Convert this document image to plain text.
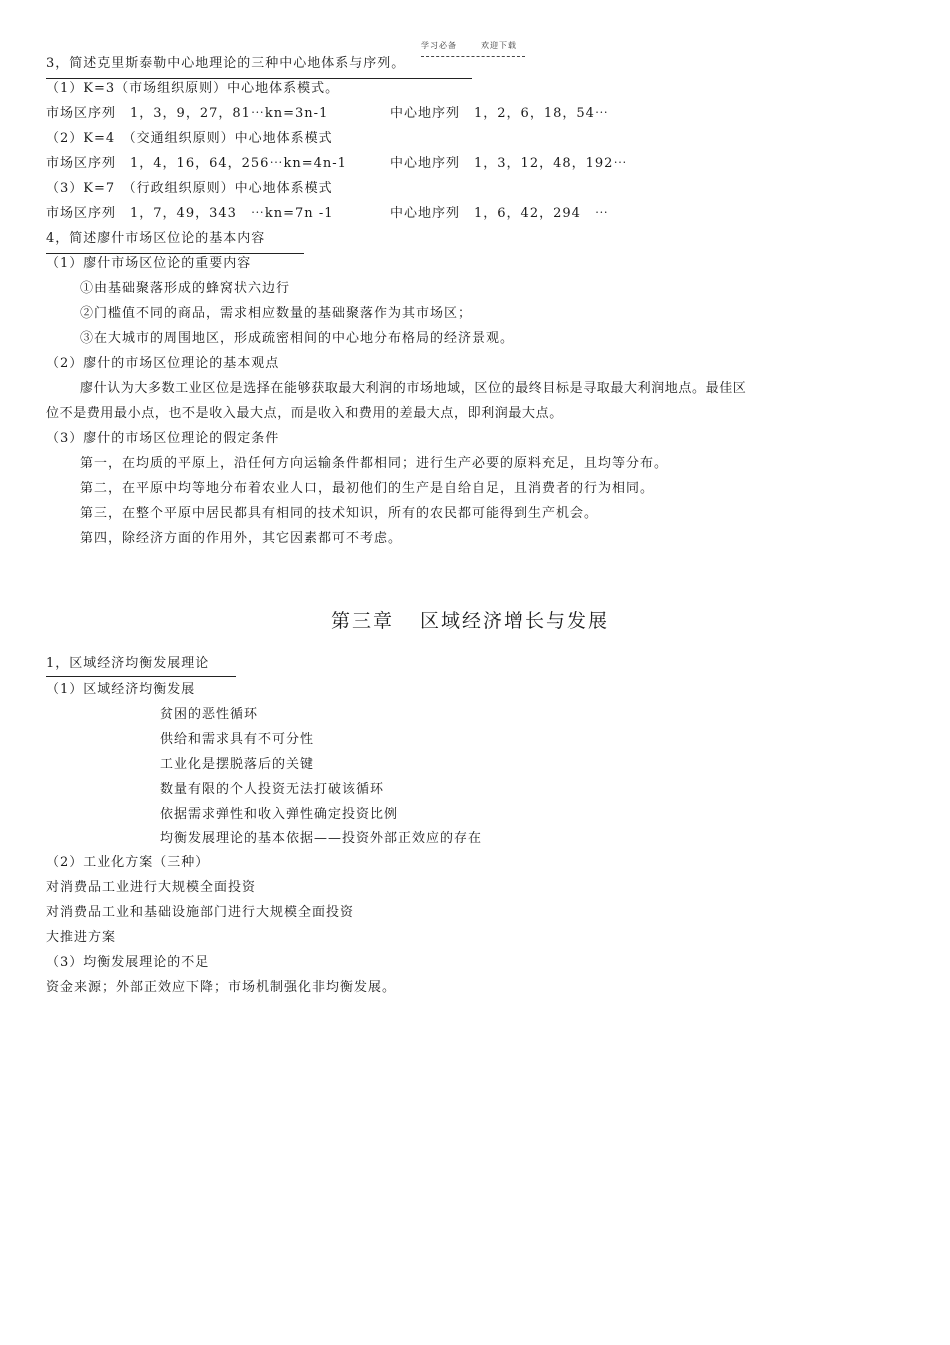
学习必备	欢迎下载
3，简述克里斯泰勒中心地理论的三种中心地体系与序列。
（1）K=3（市场组织原则）中心地体系模式。
市场区序列　1，3，9，27，81⋯kn=3n-1	中心地序列　1，2，6，18，54⋯
（2）K=4　（交通组织原则）中心地体系模式
市场区序列　1，4，16，64，256⋯kn=4n-1	中心地序列　1，3，12，48，192⋯
（3）K=7　（行政组织原则）中心地体系模式
市场区序列　1，7，49，343　⋯kn=7n -1	中心地序列　1，6，42，294　⋯
4，简述廖什市场区位论的基本内容
（1）廖什市场区位论的重要内容
①由基础聚落形成的蜂窝状六边行
②门槛值不同的商品，需求相应数量的基础聚落作为其市场区；
③在大城市的周围地区，形成疏密相间的中心地分布格局的经济景观。
（2）廖什的市场区位理论的基本观点
廖什认为大多数工业区位是选择在能够获取最大利润的市场地域，区位的最终目标是寻取最大利润地点。最佳区
位不是费用最小点，也不是收入最大点，而是收入和费用的差最大点，即利润最大点。
（3）廖什的市场区位理论的假定条件
第一，在均质的平原上，沿任何方向运输条件都相同；进行生产必要的原料充足，且均等分布。
第二，在平原中均等地分布着农业人口，最初他们的生产是自给自足，且消费者的行为相同。
第三，在整个平原中居民都具有相同的技术知识，所有的农民都可能得到生产机会。
第四，除经济方面的作用外，其它因素都可不考虑。
第三章 区域经济增长与发展
1，区域经济均衡发展理论
（1）区域经济均衡发展
贫困的恶性循环
供给和需求具有不可分性
工业化是摆脱落后的关键
数量有限的个人投资无法打破该循环
依据需求弹性和收入弹性确定投资比例
均衡发展理论的基本依据——投资外部正效应的存在
（2）工业化方案（三种）
对消费品工业进行大规模全面投资
对消费品工业和基础设施部门进行大规模全面投资
大推进方案
（3）均衡发展理论的不足
资金来源；外部正效应下降；市场机制强化非均衡发展。
